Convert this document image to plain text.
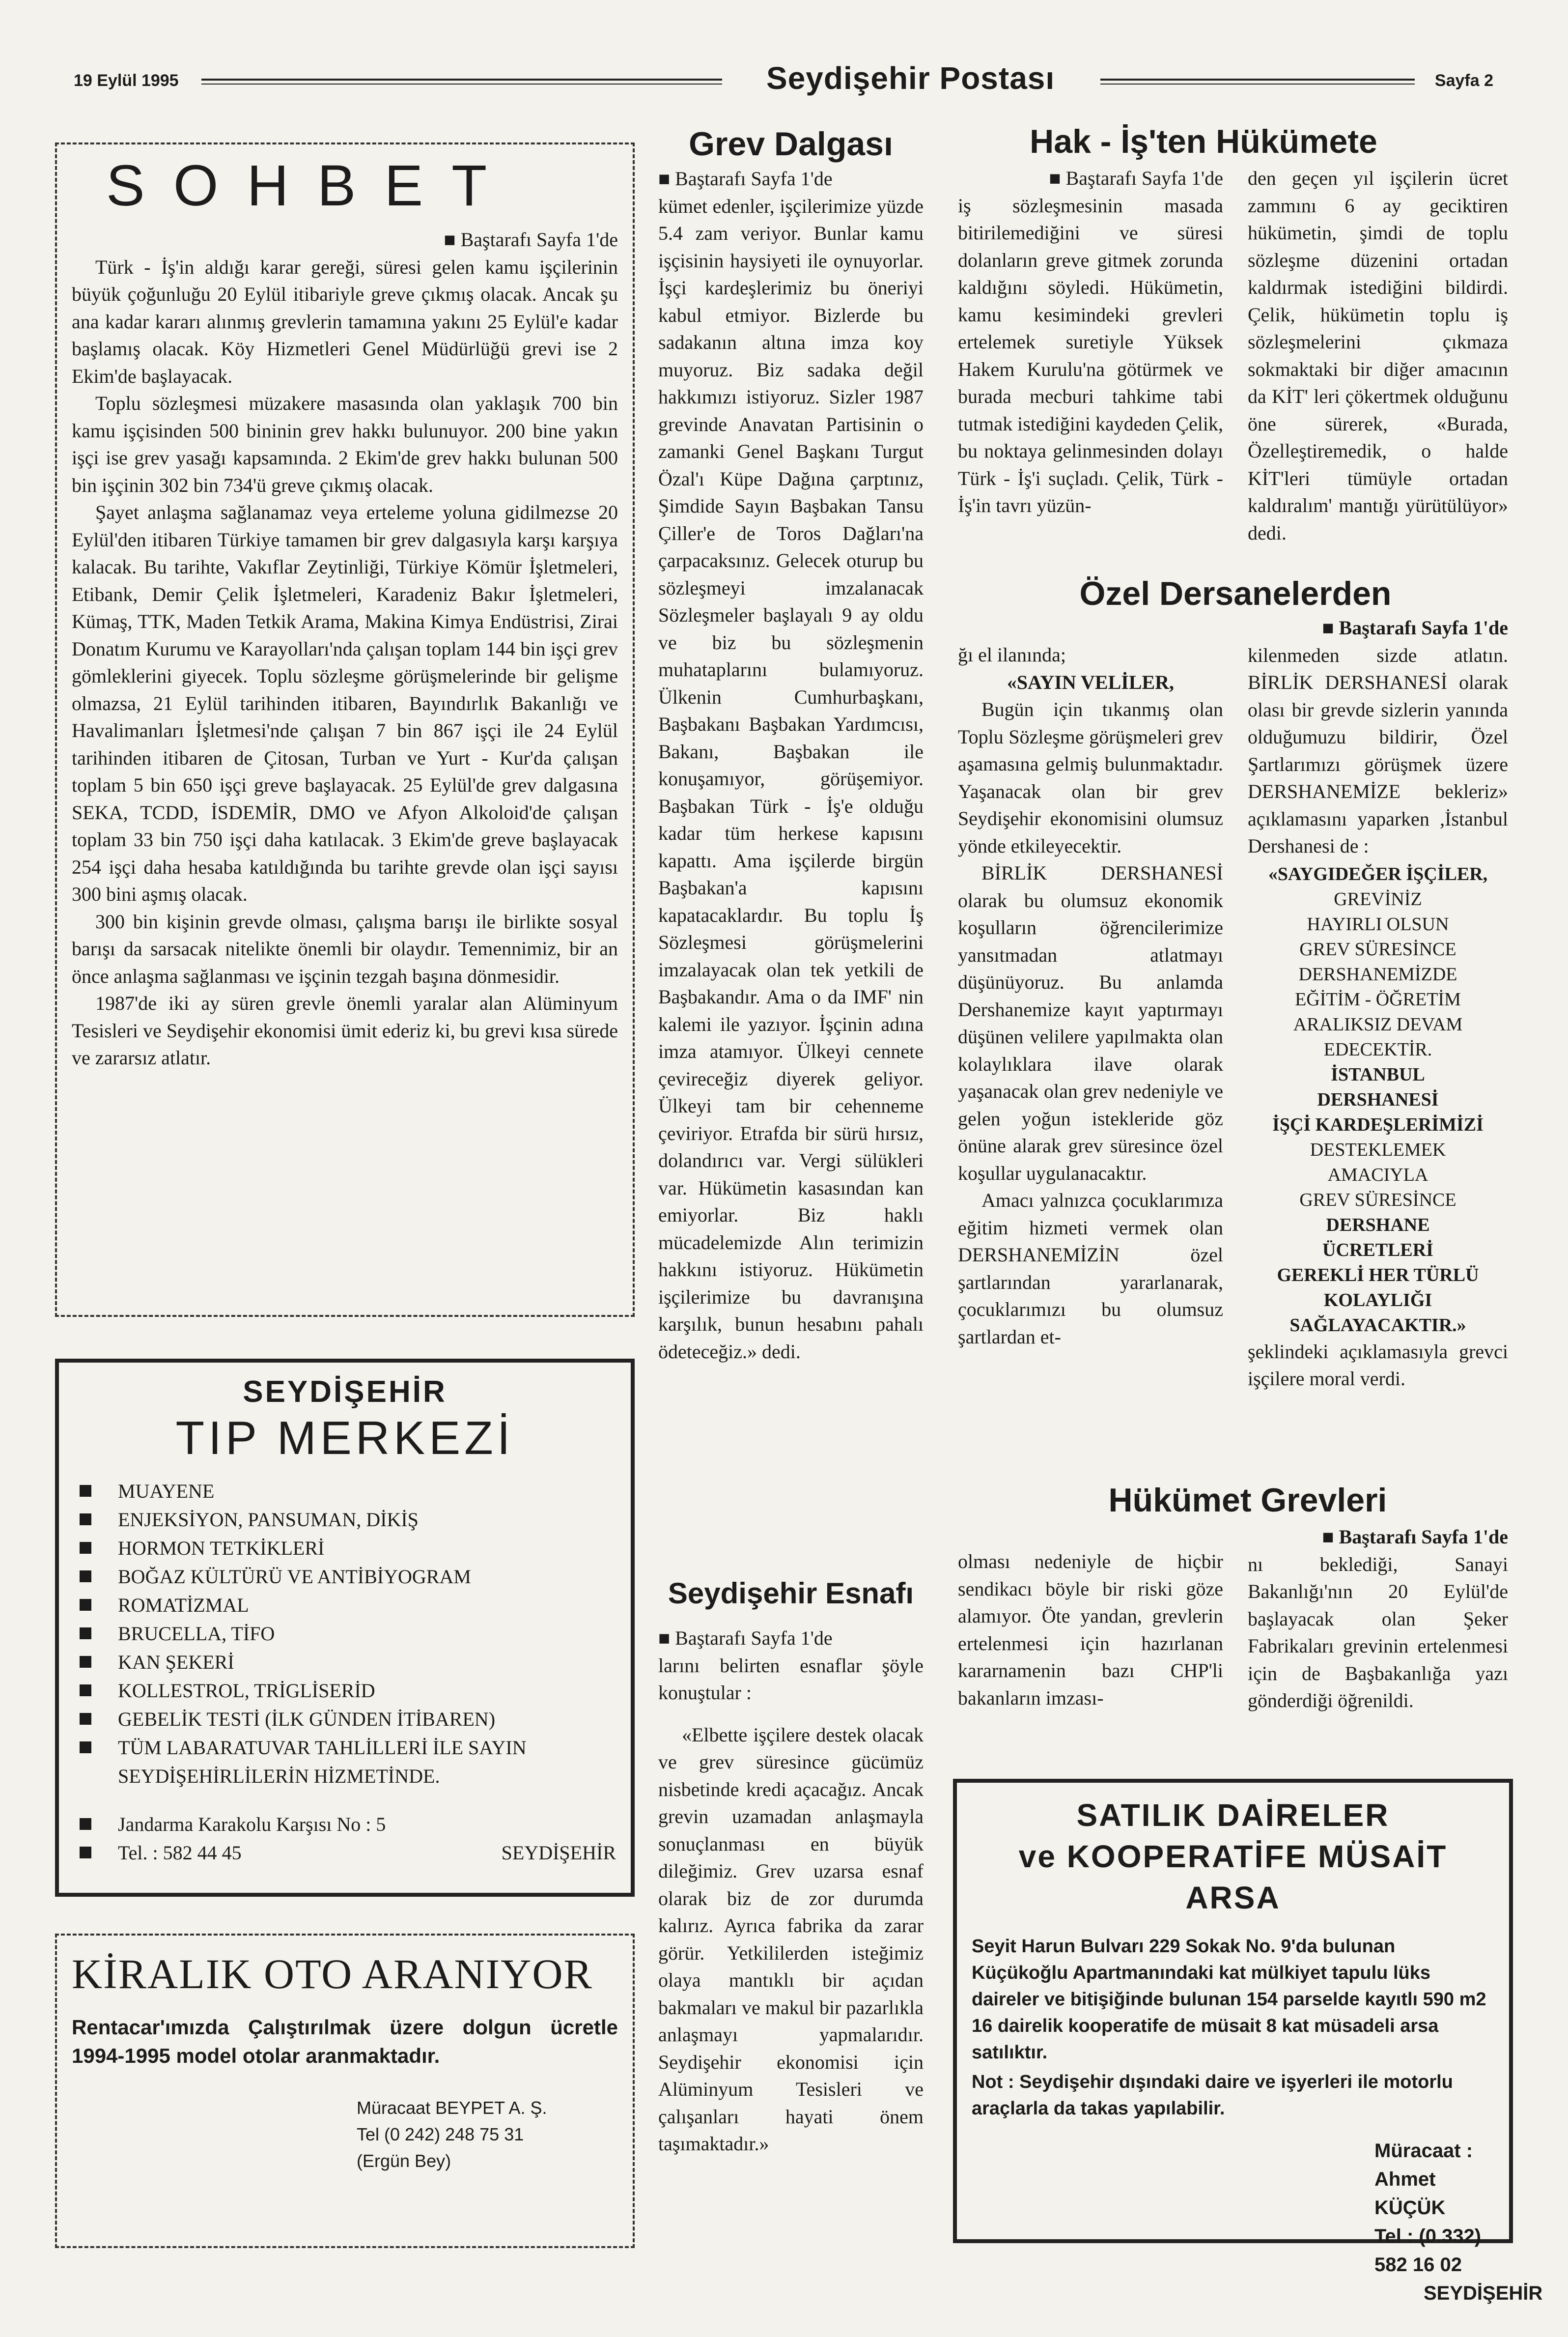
19 Eylül 1995	Seydişehir Postası	Sayfa 2
SOHBET

■ Baştarafı Sayfa 1'de

Türk - İş'in aldığı karar gereği, süresi gelen kamu işçilerinin büyük çoğunluğu 20 Eylül itibariyle greve çıkmış olacak. Ancak şu ana kadar kararı alınmış grevlerin tamamına yakını 25 Eylül'e kadar başlamış olacak. Köy Hizmetleri Genel Müdürlüğü grevi ise 2 Ekim'de başlayacak.

Toplu sözleşmesi müzakere masasında olan yaklaşık 700 bin kamu işçisinden 500 bininin grev hakkı bulunuyor. 200 bine yakın işçi ise grev yasağı kapsamında. 2 Ekim'de grev hakkı bulunan 500 bin işçinin 302 bin 734'ü greve çıkmış olacak.

Şayet anlaşma sağlanamaz veya erteleme yoluna gidilmezse 20 Eylül'den itibaren Türkiye tamamen bir grev dalgasıyla karşı karşıya kalacak. Bu tarihte, Vakıflar Zeytinliği, Türkiye Kömür İşletmeleri, Etibank, Demir Çelik İşletmeleri, Karadeniz Bakır İşletmeleri, Kümaş, TTK, Maden Tetkik Arama, Makina Kimya Endüstrisi, Zirai Donatım Kurumu ve Karayolları'nda çalışan toplam 144 bin işçi grev gömleklerini giyecek. Toplu sözleşme görüşmelerinde bir gelişme olmazsa, 21 Eylül tarihinden itibaren, Bayındırlık Bakanlığı ve Havalimanları İşletmesi'nde çalışan 7 bin 867 işçi ile 24 Eylül tarihinden itibaren de Çitosan, Turban ve Yurt - Kur'da çalışan toplam 5 bin 650 işçi greve başlayacak. 25 Eylül'de grev dalgasına SEKA, TCDD, İSDEMİR, DMO ve Afyon Alkoloid'de çalışan toplam 33 bin 750 işçi daha katılacak. 3 Ekim'de greve başlayacak 254 işçi daha hesaba katıldığında bu tarihte grevde olan işçi sayısı 300 bini aşmış olacak.

300 bin kişinin grevde olması, çalışma barışı ile birlikte sosyal barışı da sarsacak nitelikte önemli bir olaydır. Temennimiz, bir an önce anlaşma sağlanması ve işçinin tezgah başına dönmesidir.

1987'de iki ay süren grevle önemli yaralar alan Alüminyum Tesisleri ve Seydişehir ekonomisi ümit ederiz ki, bu grevi kısa sürede ve zararsız atlatır.

SEYDİŞEHİR
TIP MERKEZİ
MUAYENE
ENJEKSİYON, PANSUMAN, DİKİŞ
HORMON TETKİKLERİ
BOĞAZ KÜLTÜRÜ VE ANTİBİYOGRAM
ROMATİZMAL
BRUCELLA, TİFO
KAN ŞEKERİ
KOLLESTROL, TRİGLİSERİD
GEBELİK TESTİ (İLK GÜNDEN İTİBAREN)
TÜM LABARATUVAR TAHLİLLERİ İLE SAYIN SEYDİŞEHİRLİLERİN HİZMETİNDE.
Jandarma Karakolu Karşısı No : 5
Tel. : 582 44 45	SEYDİŞEHİR
KİRALIK OTO ARANIYOR
Rentacar'ımızda Çalıştırılmak üzere dolgun ücretle 1994-1995 model otolar aranmaktadır.
Müracaat BEYPET A. Ş.
Tel (0 242) 248 75 31
(Ergün Bey)
Grev Dalgası

■ Baştarafı Sayfa 1'de

kümet edenler, işçilerimize yüzde 5.4 zam veriyor. Bunlar kamu işçisinin haysiyeti ile oynuyorlar. İşçi kardeşlerimiz bu öneriyi kabul etmiyor. Bizlerde bu sadakanın altına imza koy muyoruz. Biz sadaka değil hakkımızı istiyoruz. Sizler 1987 grevinde Anavatan Partisinin o zamanki Genel Başkanı Turgut Özal'ı Küpe Dağına çarptınız, Şimdide Sayın Başbakan Tansu Çiller'e de Toros Dağları'na çarpacaksınız. Gelecek oturup bu sözleşmeyi imzalanacak Sözleşmeler başlayalı 9 ay oldu ve biz bu sözleşmenin muhataplarını bulamıyoruz. Ülkenin Cumhurbaşkanı, Başbakanı Başbakan Yardımcısı, Bakanı, Başbakan ile konuşamıyor, görüşemiyor. Başbakan Türk - İş'e olduğu kadar tüm herkese kapısını kapattı. Ama işçilerde birgün Başbakan'a kapısını kapatacaklardır. Bu toplu İş Sözleşmesi görüşmelerini imzalayacak olan tek yetkili de Başbakandır. Ama o da IMF' nin kalemi ile yazıyor. İşçinin adına imza atamıyor. Ülkeyi cennete çevireceğiz diyerek geliyor. Ülkeyi tam bir cehenneme çeviriyor. Etrafda bir sürü hırsız, dolandırıcı var. Vergi sülükleri var. Hükümetin kasasından kan emiyorlar. Biz haklı mücadelemizde Alın terimizin hakkını istiyoruz. Hükümetin işçilerimize bu davranışına karşılık, bunun hesabını pahalı ödeteceğiz.» dedi.

Seydişehir Esnafı

■ Baştarafı Sayfa 1'de

larını belirten esnaflar şöyle konuştular :

«Elbette işçilere destek olacak ve grev süresince gücümüz nisbetinde kredi açacağız. Ancak grevin uzamadan anlaşmayla sonuçlanması en büyük dileğimiz. Grev uzarsa esnaf olarak biz de zor durumda kalırız. Ayrıca fabrika da zarar görür. Yetkililerden isteğimiz olaya mantıklı bir açıdan bakmaları ve makul bir pazarlıkla anlaşmayı yapmalarıdır. Seydişehir ekonomisi için Alüminyum Tesisleri ve çalışanları hayati önem taşımaktadır.»

Hak - İş'ten Hükümete

■ Baştarafı Sayfa 1'de

iş sözleşmesinin masada bitirilemediğini ve süresi dolanların greve gitmek zorunda kaldığını söyledi. Hükümetin, kamu kesimindeki grevleri ertelemek suretiyle Yüksek Hakem Kurulu'na götürmek ve burada mecburi tahkime tabi tutmak istediğini kaydeden Çelik, bu noktaya gelinmesinden dolayı Türk - İş'i suçladı. Çelik, Türk - İş'in tavrı yüzün-

den geçen yıl işçilerin ücret zammını 6 ay geciktiren hükümetin, şimdi de toplu sözleşme düzenini ortadan kaldırmak istediğini bildirdi. Çelik, hükümetin toplu iş sözleşmelerini çıkmaza sokmaktaki bir diğer amacının da KİT' leri çökertmek olduğunu öne sürerek, «Burada, Özelleştiremedik, o halde KİT'leri tümüyle ortadan kaldıralım' mantığı yürütülüyor» dedi.

Özel Dersanelerden

ğı el ilanında;

«SAYIN VELİLER,

Bugün için tıkanmış olan Toplu Sözleşme görüşmeleri grev aşamasına gelmiş bulunmaktadır. Yaşanacak olan bir grev Seydişehir ekonomisini olumsuz yönde etkileyecektir.

BİRLİK DERSHANESİ olarak bu olumsuz ekonomik koşulların öğrencilerimize yansıtmadan atlatmayı düşünüyoruz. Bu anlamda Dershanemize kayıt yaptırmayı düşünen velilere yapılmakta olan kolaylıklara ilave olarak yaşanacak olan grev nedeniyle ve gelen yoğun istekleride göz önüne alarak grev süresince özel koşullar uygulanacaktır.

Amacı yalnızca çocuklarımıza eğitim hizmeti vermek olan DERSHANEMİZİN özel şartlarından yararlanarak, çocuklarımızı bu olumsuz şartlardan et-

■ Baştarafı Sayfa 1'de

kilenmeden sizde atlatın. BİRLİK DERSHANESİ olarak olası bir grevde sizlerin yanında olduğumuzu bildirir, Özel Şartlarımızı görüşmek üzere DERSHANEMİZE bekleriz» açıklamasını yaparken ,İstanbul Dershanesi de :

«SAYGIDEĞER İŞÇİLER,
GREVİNİZ
HAYIRLI OLSUN
GREV SÜRESİNCE
DERSHANEMİZDE
EĞİTİM - ÖĞRETİM
ARALIKSIZ DEVAM
EDECEKTİR.
İSTANBUL
DERSHANESİ
İŞÇİ KARDEŞLERİMİZİ
DESTEKLEMEK
AMACIYLA
GREV SÜRESİNCE
DERSHANE
ÜCRETLERİ
GEREKLİ HER TÜRLÜ
KOLAYLIĞI
SAĞLAYACAKTIR.»

şeklindeki açıklamasıyla grevci işçilere moral verdi.

Hükümet Grevleri

olması nedeniyle de hiçbir sendikacı böyle bir riski göze alamıyor. Öte yandan, grevlerin ertelenmesi için hazırlanan kararnamenin bazı CHP'li bakanların imzası-

■ Baştarafı Sayfa 1'de

nı beklediği, Sanayi Bakanlığı'nın 20 Eylül'de başlayacak olan Şeker Fabrikaları grevinin ertelenmesi için de Başbakanlığa yazı gönderdiği öğrenildi.

SATILIK DAİRELER
ve KOOPERATİFE MÜSAİT ARSA
Seyit Harun Bulvarı 229 Sokak No. 9'da bulunan Küçükoğlu Apartmanındaki kat mülkiyet tapulu lüks daireler ve bitişiğinde bulunan 154 parselde kayıtlı 590 m2 16 dairelik kooperatife de müsait 8 kat müsadeli arsa satılıktır.
Not : Seydişehir dışındaki daire ve işyerleri ile motorlu araçlarla da takas yapılabilir.
Müracaat : Ahmet KÜÇÜK
Tel : (0.332) 582 16 02
SEYDİŞEHİR
